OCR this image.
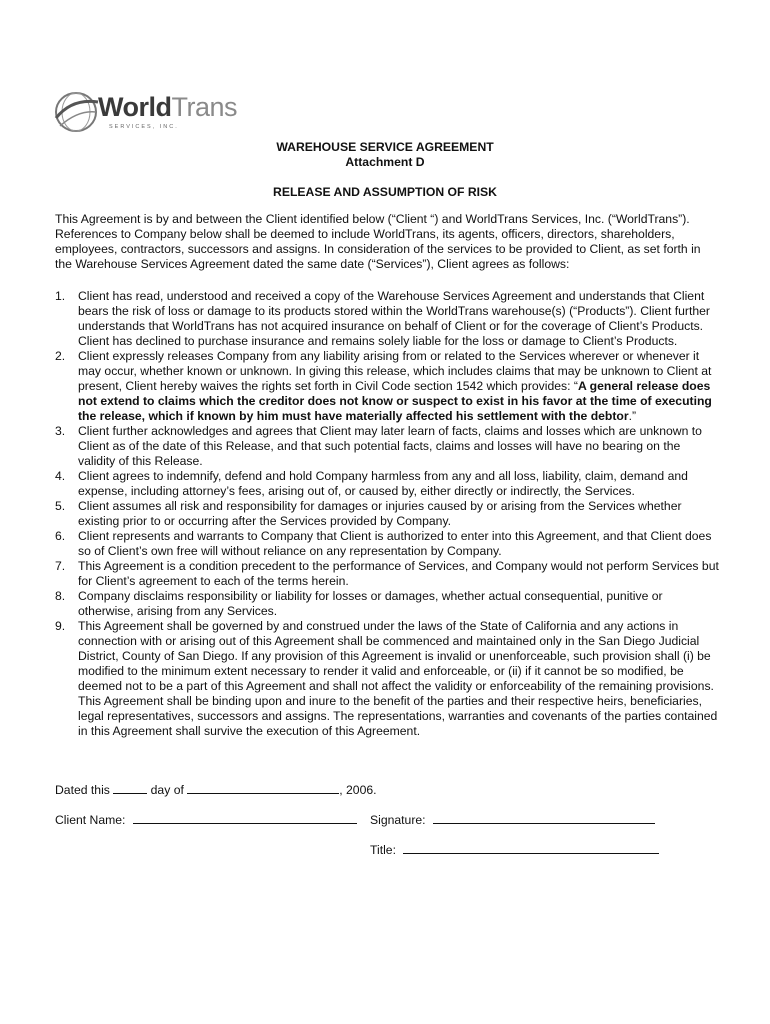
WorldTrans
SERVICES, INC.
WAREHOUSE SERVICE AGREEMENT
Attachment D
RELEASE AND ASSUMPTION OF RISK
This Agreement is by and between the Client identified below (“Client “) and WorldTrans Services, Inc. (“WorldTrans”). References to Company below shall be deemed to include WorldTrans, its agents, officers, directors, shareholders, employees, contractors, successors and assigns. In consideration of the services to be provided to Client, as set forth in the Warehouse Services Agreement dated the same date (“Services”), Client agrees as follows:
1. Client has read, understood and received a copy of the Warehouse Services Agreement and understands that Client bears the risk of loss or damage to its products stored within the WorldTrans warehouse(s) (“Products”). Client further understands that WorldTrans has not acquired insurance on behalf of Client or for the coverage of Client’s Products. Client has declined to purchase insurance and remains solely liable for the loss or damage to Client’s Products.
2. Client expressly releases Company from any liability arising from or related to the Services wherever or whenever it may occur, whether known or unknown. In giving this release, which includes claims that may be unknown to Client at present, Client hereby waives the rights set forth in Civil Code section 1542 which provides: “A general release does not extend to claims which the creditor does not know or suspect to exist in his favor at the time of executing the release, which if known by him must have materially affected his settlement with the debtor.”
3. Client further acknowledges and agrees that Client may later learn of facts, claims and losses which are unknown to Client as of the date of this Release, and that such potential facts, claims and losses will have no bearing on the validity of this Release.
4. Client agrees to indemnify, defend and hold Company harmless from any and all loss, liability, claim, demand and expense, including attorney’s fees, arising out of, or caused by, either directly or indirectly, the Services.
5. Client assumes all risk and responsibility for damages or injuries caused by or arising from the Services whether existing prior to or occurring after the Services provided by Company.
6. Client represents and warrants to Company that Client is authorized to enter into this Agreement, and that Client does so of Client’s own free will without reliance on any representation by Company.
7. This Agreement is a condition precedent to the performance of Services, and Company would not perform Services but for Client’s agreement to each of the terms herein.
8. Company disclaims responsibility or liability for losses or damages, whether actual consequential, punitive or otherwise, arising from any Services.
9. This Agreement shall be governed by and construed under the laws of the State of California and any actions in connection with or arising out of this Agreement shall be commenced and maintained only in the San Diego Judicial District, County of San Diego. If any provision of this Agreement is invalid or unenforceable, such provision shall (i) be modified to the minimum extent necessary to render it valid and enforceable, or (ii) if it cannot be so modified, be deemed not to be a part of this Agreement and shall not affect the validity or enforceability of the remaining provisions. This Agreement shall be binding upon and inure to the benefit of the parties and their respective heirs, beneficiaries, legal representatives, successors and assigns. The representations, warranties and covenants of the parties contained in this Agreement shall survive the execution of this Agreement.
Dated this	day of	, 2006.
Client Name:	Signature:
Title:
